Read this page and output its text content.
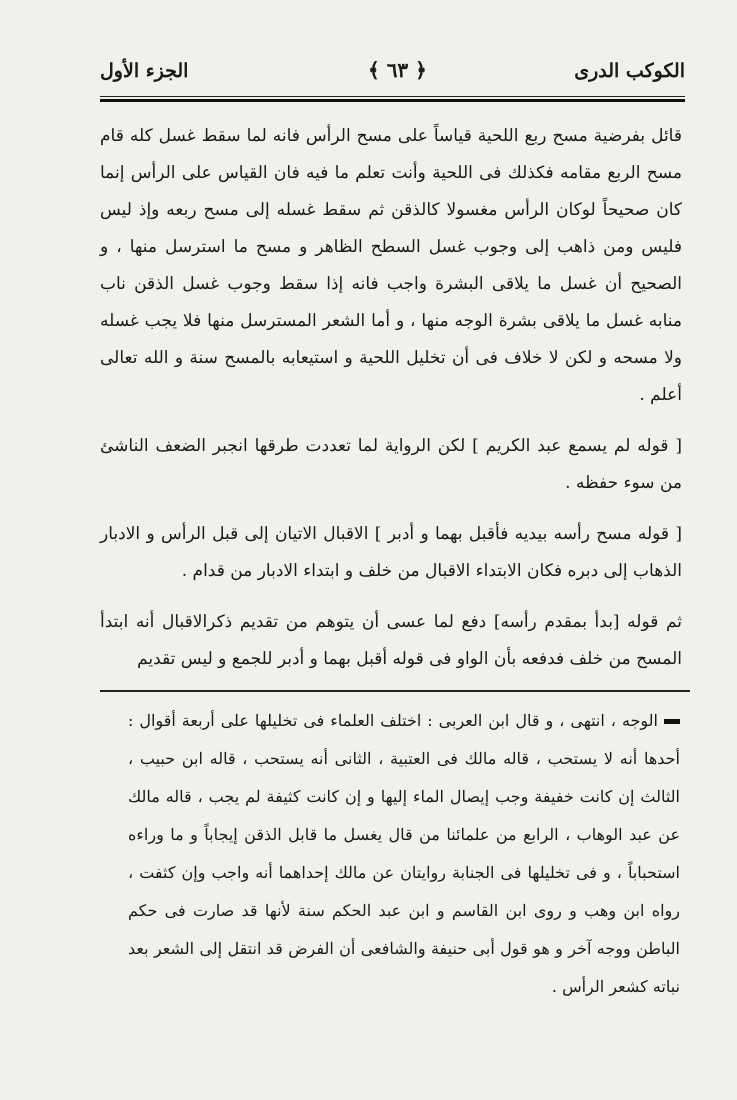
الكوكب الدرى
﴿ ٦٣ ﴾
الجزء الأول

قائل بفرضية مسح ربع اللحية قياساً على مسح الرأس فانه لما سقط غسل كله قام مسح الربع مقامه فكذلك فى اللحية وأنت تعلم ما فيه فان القياس على الرأس إنما كان صحيحاً لوكان الرأس مغسولا كالذقن ثم سقط غسله إلى مسح ربعه وإذ ليس فليس ومن ذاهب إلى وجوب غسل السطح الظاهر و مسح ما استرسل منها ، و الصحيح أن غسل ما يلاقى البشرة واجب فانه إذا سقط وجوب غسل الذقن ناب منابه غسل ما يلاقى بشرة الوجه منها ، و أما الشعر المسترسل منها فلا يجب غسله ولا مسحه و لكن لا خلاف فى أن تخليل اللحية و استيعابه بالمسح سنة و الله تعالى أعلم .

[ قوله لم يسمع عبد الكريم ] لكن الرواية لما تعددت طرقها انجبر الضعف الناشئ من سوء حفظه .

[ قوله مسح رأسه بيديه فأقبل بهما و أدبر ] الاقبال الاتيان إلى قبل الرأس و الادبار الذهاب إلى دبره فكان الابتداء الاقبال من خلف و ابتداء الادبار من قدام .

ثم قوله [بدأ بمقدم رأسه] دفع لما عسى أن يتوهم من تقديم ذكرالاقبال أنه ابتدأ المسح من خلف فدفعه بأن الواو فى قوله أقبل بهما و أدبر للجمع و ليس تقديم

الوجه ، انتهى ، و قال ابن العربى : اختلف العلماء فى تخليلها على أربعة أقوال : أحدها أنه لا يستحب ، قاله مالك فى العتبية ، الثانى أنه يستحب ، قاله ابن حبيب ، الثالث إن كانت خفيفة وجب إيصال الماء إليها و إن كانت كثيفة لم يجب ، قاله مالك عن عبد الوهاب ، الرابع من علمائنا من قال يغسل ما قابل الذقن إيجاباً و ما وراءه استحباباً ، و فى تخليلها فى الجنابة روايتان عن مالك إحداهما أنه واجب وإن كثفت ، رواه ابن وهب و روى ابن القاسم و ابن عبد الحكم سنة لأنها قد صارت فى حكم الباطن ووجه آخر و هو قول أبى حنيفة والشافعى أن الفرض قد انتقل إلى الشعر بعد نباته كشعر الرأس .
